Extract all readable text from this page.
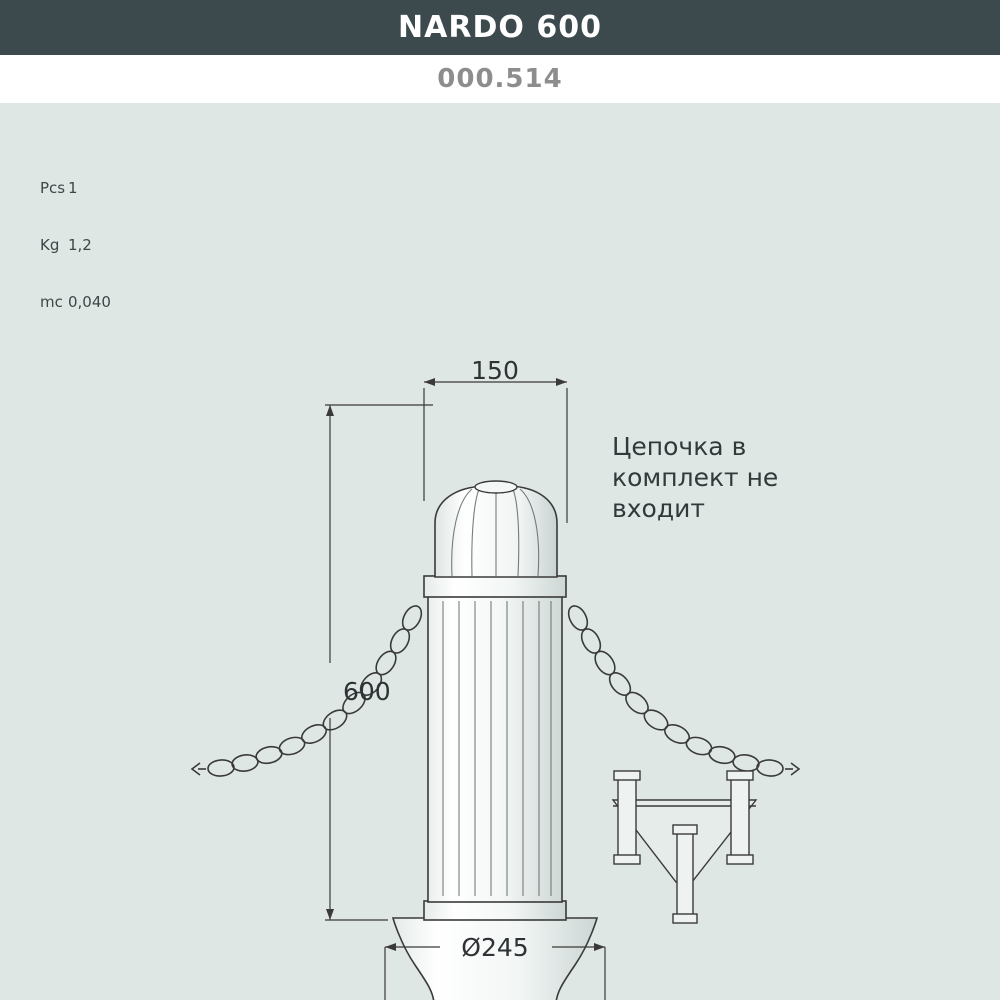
NARDO 600
000.514

Pcs 1

Kg 1,2

mc 0,040

150
600
Ø245
Цепочка в комплект не входит
